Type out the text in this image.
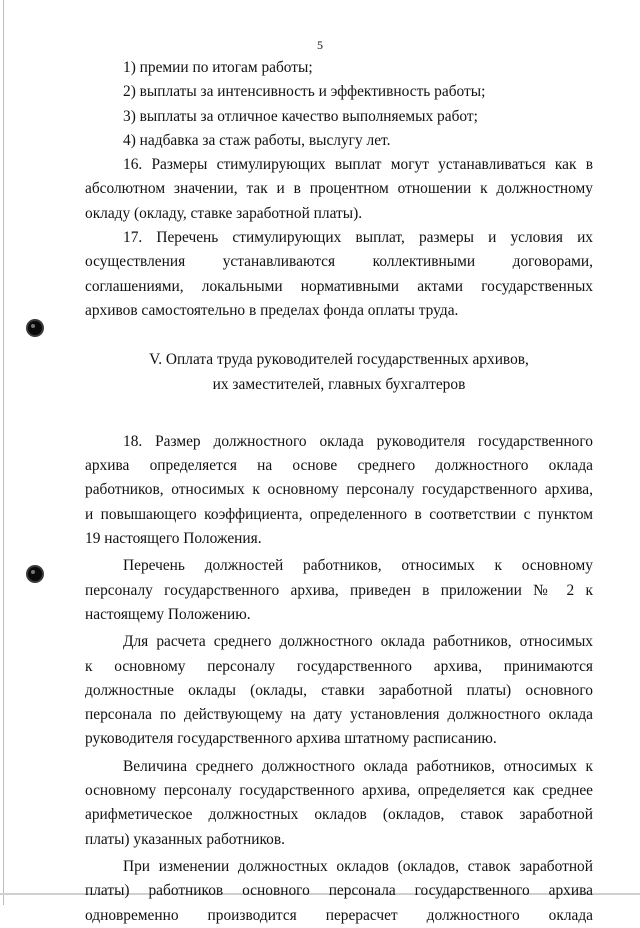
5
1) премии по итогам работы;
2) выплаты за интенсивность и эффективность работы;
3) выплаты за отличное качество выполняемых работ;
4) надбавка за стаж работы, выслугу лет.
16. Размеры стимулирующих выплат могут устанавливаться как в
абсолютном значении, так и в процентном отношении к должностному
окладу (окладу, ставке заработной платы).
17. Перечень стимулирующих выплат, размеры и условия их
осуществления устанавливаются коллективными договорами,
соглашениями, локальными нормативными актами государственных
архивов самостоятельно в пределах фонда оплаты труда.
V. Оплата труда руководителей государственных архивов,
их заместителей, главных бухгалтеров
18. Размер должностного оклада руководителя государственного
архива определяется на основе среднего должностного оклада
работников, относимых к основному персоналу государственного архива,
и повышающего коэффициента, определенного в соответствии с пунктом
19 настоящего Положения.
Перечень должностей работников, относимых к основному
персоналу государственного архива, приведен в приложении № 2 к
настоящему Положению.
Для расчета среднего должностного оклада работников, относимых
к основному персоналу государственного архива, принимаются
должностные оклады (оклады, ставки заработной платы) основного
персонала по действующему на дату установления должностного оклада
руководителя государственного архива штатному расписанию.
Величина среднего должностного оклада работников, относимых к
основному персоналу государственного архива, определяется как среднее
арифметическое должностных окладов (окладов, ставок заработной
платы) указанных работников.
При изменении должностных окладов (окладов, ставок заработной
платы) работников основного персонала государственного архива
одновременно производится перерасчет должностного оклада
